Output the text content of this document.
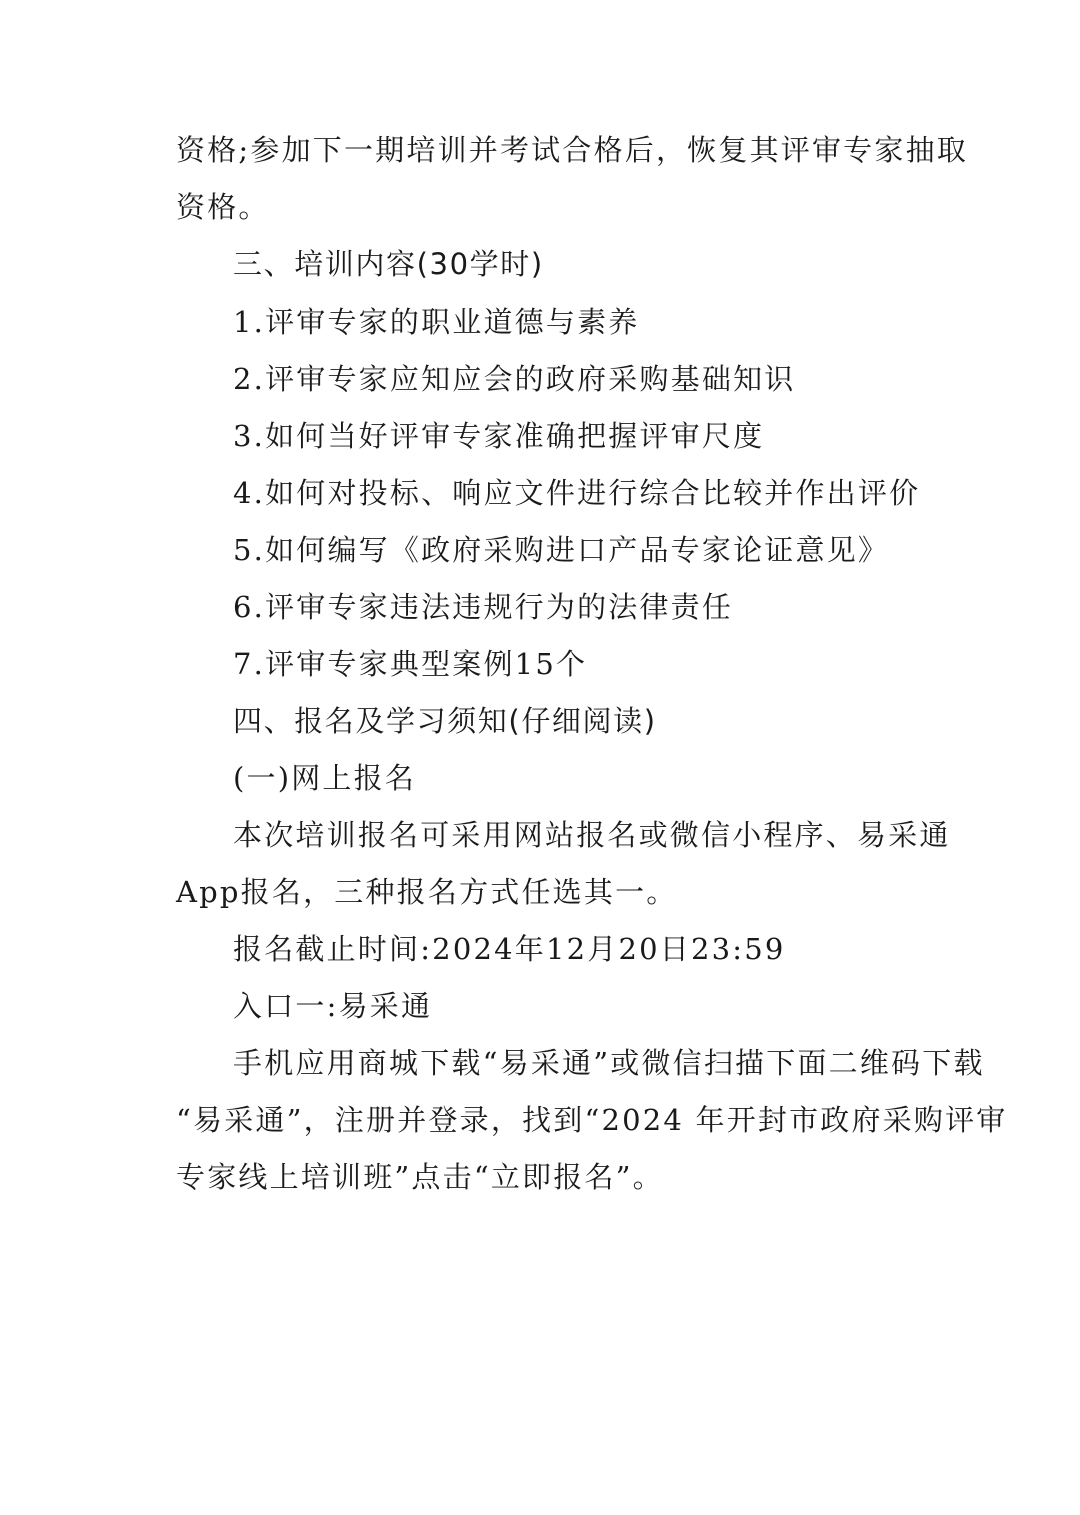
资格;参加下一期培训并考试合格后，恢复其评审专家抽取
资格。
三、培训内容(30学时)
1.评审专家的职业道德与素养
2.评审专家应知应会的政府采购基础知识
3.如何当好评审专家准确把握评审尺度
4.如何对投标、响应文件进行综合比较并作出评价
5.如何编写《政府采购进口产品专家论证意见》
6.评审专家违法违规行为的法律责任
7.评审专家典型案例15个
四、报名及学习须知(仔细阅读)
(一)网上报名
本次培训报名可采用网站报名或微信小程序、易采通
App报名，三种报名方式任选其一。
报名截止时间:2024年12月20日23:59
入口一:易采通
手机应用商城下载“易采通”或微信扫描下面二维码下载
“易采通”，注册并登录，找到“2024 年开封市政府采购评审
专家线上培训班”点击“立即报名”。
